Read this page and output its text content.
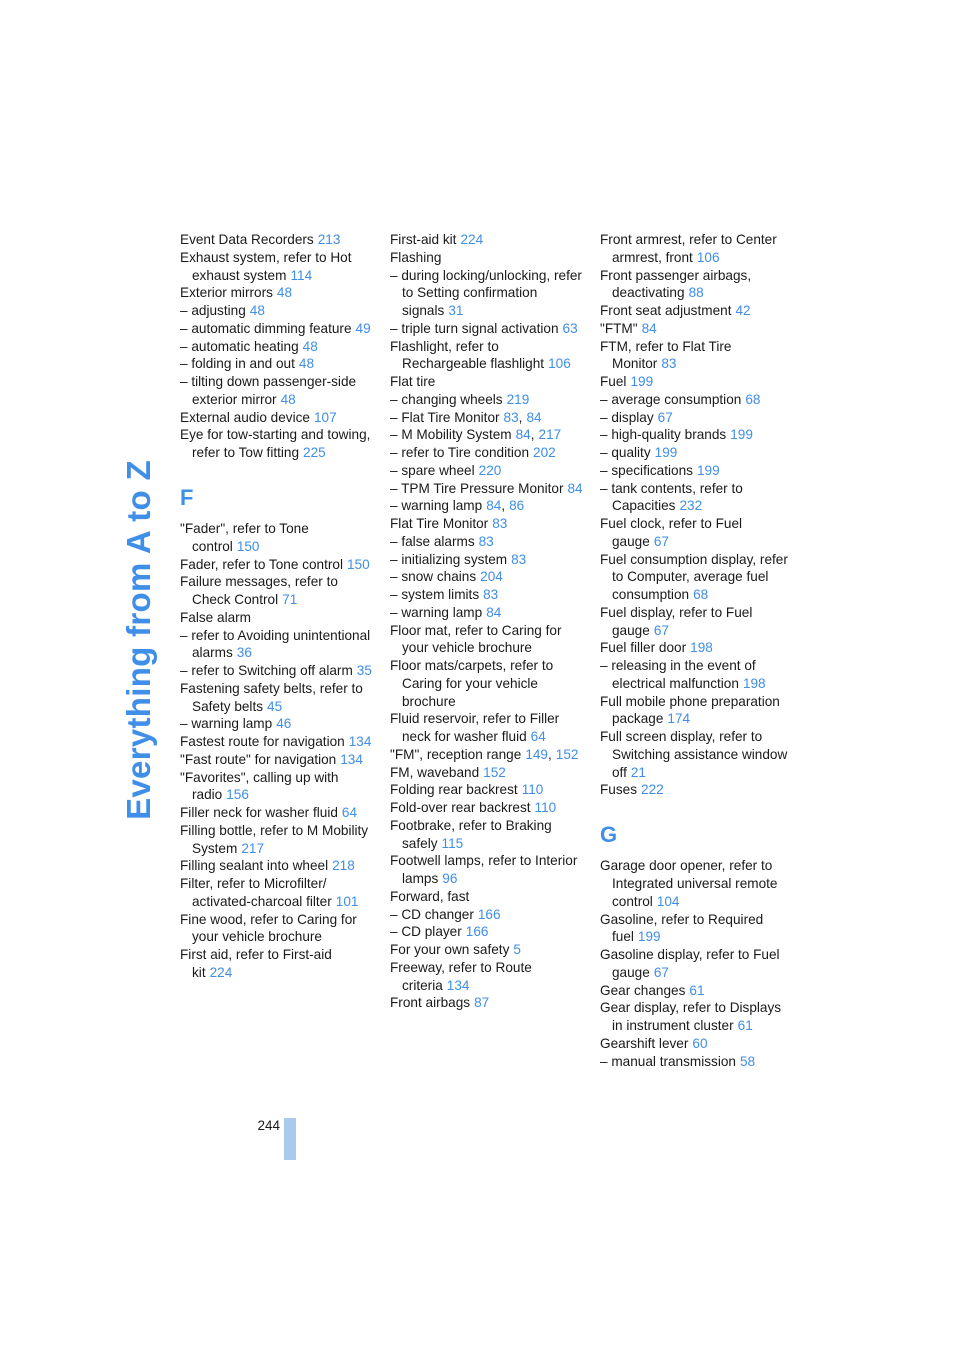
Everything from A to Z
Event Data Recorders 213
Exhaust system, refer to Hot exhaust system 114
Exterior mirrors 48
– adjusting 48
– automatic dimming feature 49
– automatic heating 48
– folding in and out 48
– tilting down passenger-side exterior mirror 48
External audio device 107
Eye for tow-starting and towing, refer to Tow fitting 225
F
"Fader", refer to Tone control 150
Fader, refer to Tone control 150
Failure messages, refer to Check Control 71
False alarm
– refer to Avoiding unintentional alarms 36
– refer to Switching off alarm 35
Fastening safety belts, refer to Safety belts 45
– warning lamp 46
Fastest route for navigation 134
"Fast route" for navigation 134
"Favorites", calling up with radio 156
Filler neck for washer fluid 64
Filling bottle, refer to M Mobility System 217
Filling sealant into wheel 218
Filter, refer to Microfilter/ activated-charcoal filter 101
Fine wood, refer to Caring for your vehicle brochure
First aid, refer to First-aid kit 224
First-aid kit 224
Flashing
– during locking/unlocking, refer to Setting confirmation signals 31
– triple turn signal activation 63
Flashlight, refer to Rechargeable flashlight 106
Flat tire
– changing wheels 219
– Flat Tire Monitor 83, 84
– M Mobility System 84, 217
– refer to Tire condition 202
– spare wheel 220
– TPM Tire Pressure Monitor 84
– warning lamp 84, 86
Flat Tire Monitor 83
– false alarms 83
– initializing system 83
– snow chains 204
– system limits 83
– warning lamp 84
Floor mat, refer to Caring for your vehicle brochure
Floor mats/carpets, refer to Caring for your vehicle brochure
Fluid reservoir, refer to Filler neck for washer fluid 64
"FM", reception range 149, 152
FM, waveband 152
Folding rear backrest 110
Fold-over rear backrest 110
Footbrake, refer to Braking safely 115
Footwell lamps, refer to Interior lamps 96
Forward, fast
– CD changer 166
– CD player 166
For your own safety 5
Freeway, refer to Route criteria 134
Front airbags 87
Front armrest, refer to Center armrest, front 106
Front passenger airbags, deactivating 88
Front seat adjustment 42
"FTM" 84
FTM, refer to Flat Tire Monitor 83
Fuel 199
– average consumption 68
– display 67
– high-quality brands 199
– quality 199
– specifications 199
– tank contents, refer to Capacities 232
Fuel clock, refer to Fuel gauge 67
Fuel consumption display, refer to Computer, average fuel consumption 68
Fuel display, refer to Fuel gauge 67
Fuel filler door 198
– releasing in the event of electrical malfunction 198
Full mobile phone preparation package 174
Full screen display, refer to Switching assistance window off 21
Fuses 222
G
Garage door opener, refer to Integrated universal remote control 104
Gasoline, refer to Required fuel 199
Gasoline display, refer to Fuel gauge 67
Gear changes 61
Gear display, refer to Displays in instrument cluster 61
Gearshift lever 60
– manual transmission 58
244
